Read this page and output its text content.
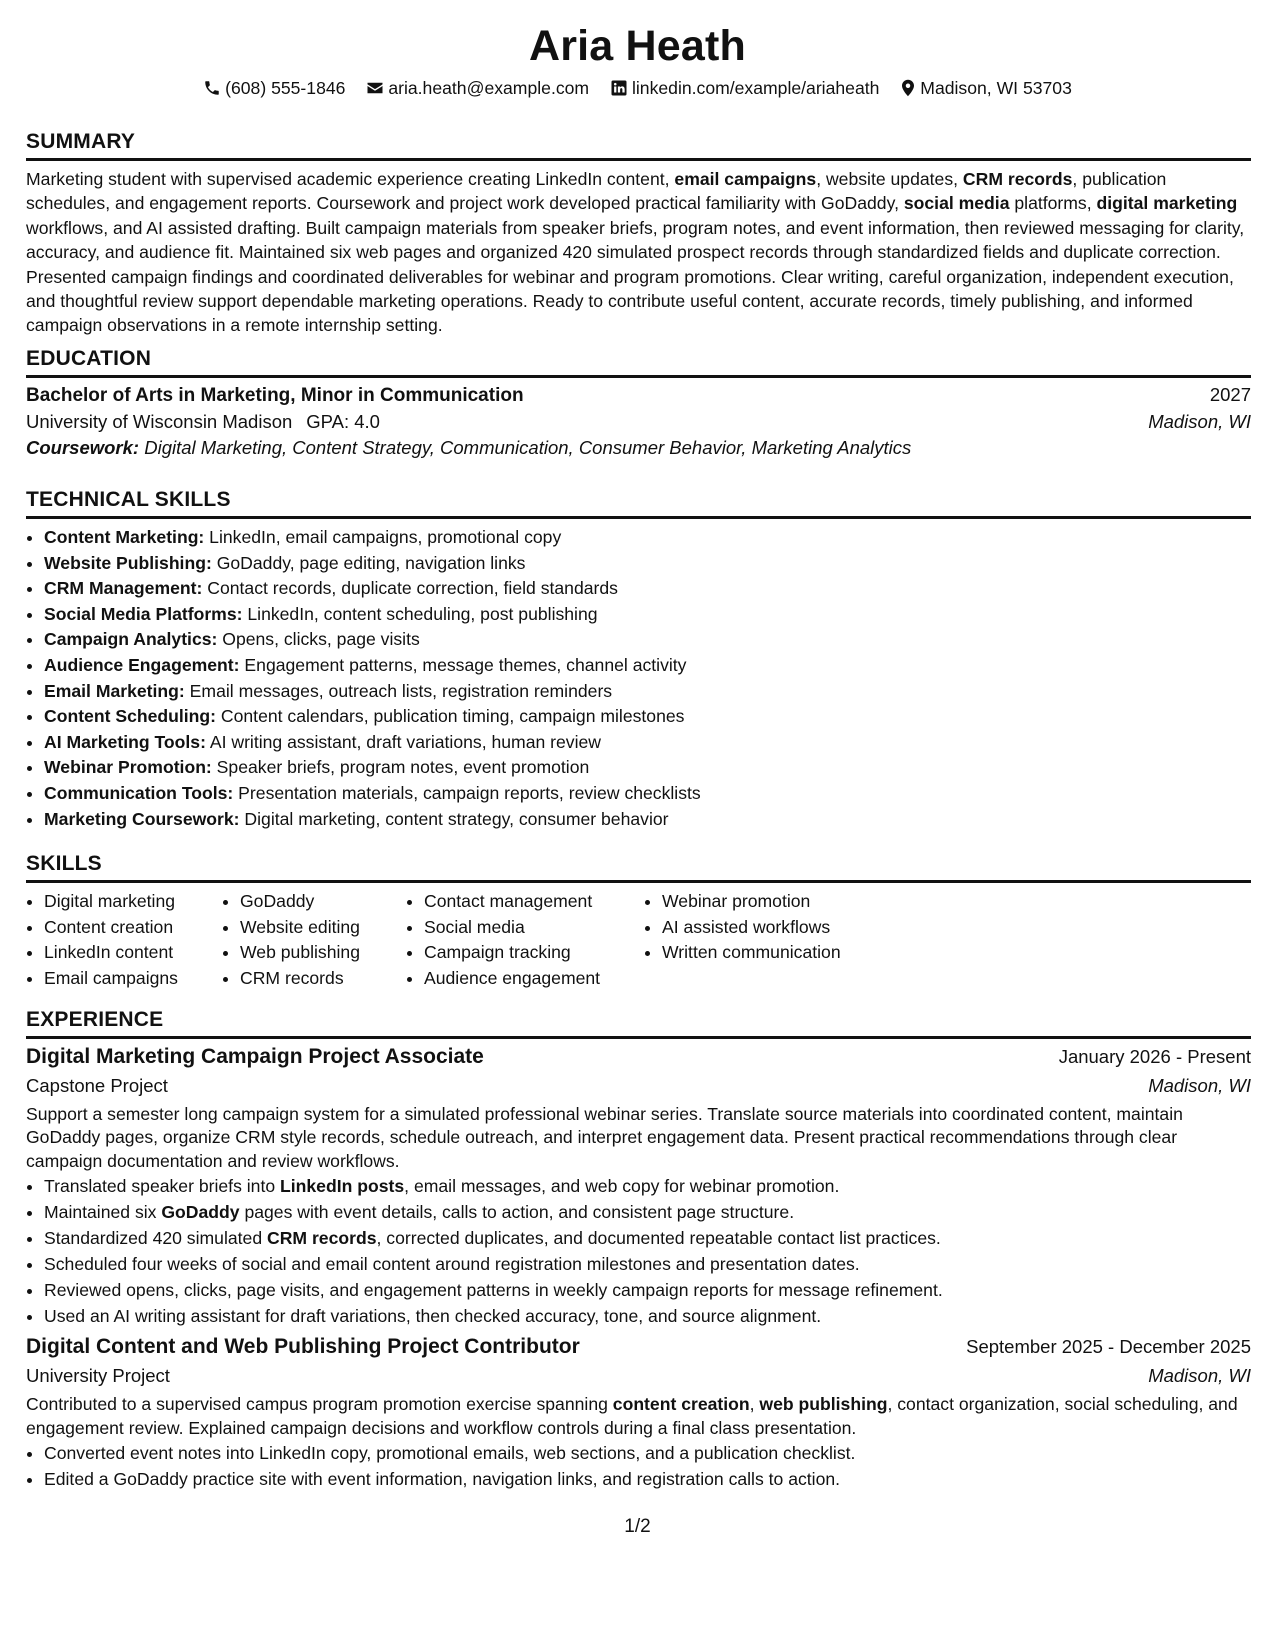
Aria Heath
(608) 555-1846 aria.heath@example.com linkedin.com/example/ariaheath Madison, WI 53703
SUMMARY

Marketing student with supervised academic experience creating LinkedIn content, email campaigns, website updates, CRM records, publication schedules, and engagement reports. Coursework and project work developed practical familiarity with GoDaddy, social media platforms, digital marketing workflows, and AI assisted drafting. Built campaign materials from speaker briefs, program notes, and event information, then reviewed messaging for clarity, accuracy, and audience fit. Maintained six web pages and organized 420 simulated prospect records through standardized fields and duplicate correction. Presented campaign findings and coordinated deliverables for webinar and program promotions. Clear writing, careful organization, independent execution, and thoughtful review support dependable marketing operations. Ready to contribute useful content, accurate records, timely publishing, and informed campaign observations in a remote internship setting.

EDUCATION
Bachelor of Arts in Marketing, Minor in Communication	2027
University of Wisconsin Madison GPA: 4.0	Madison, WI
Coursework: Digital Marketing, Content Strategy, Communication, Consumer Behavior, Marketing Analytics
TECHNICAL SKILLS
• Content Marketing: LinkedIn, email campaigns, promotional copy
• Website Publishing: GoDaddy, page editing, navigation links
• CRM Management: Contact records, duplicate correction, field standards
• Social Media Platforms: LinkedIn, content scheduling, post publishing
• Campaign Analytics: Opens, clicks, page visits
• Audience Engagement: Engagement patterns, message themes, channel activity
• Email Marketing: Email messages, outreach lists, registration reminders
• Content Scheduling: Content calendars, publication timing, campaign milestones
• AI Marketing Tools: AI writing assistant, draft variations, human review
• Webinar Promotion: Speaker briefs, program notes, event promotion
• Communication Tools: Presentation materials, campaign reports, review checklists
• Marketing Coursework: Digital marketing, content strategy, consumer behavior
SKILLS
• Digital marketing
• Content creation
• LinkedIn content
• Email campaigns
• GoDaddy
• Website editing
• Web publishing
• CRM records
• Contact management
• Social media
• Campaign tracking
• Audience engagement
• Webinar promotion
• AI assisted workflows
• Written communication
EXPERIENCE
Digital Marketing Campaign Project Associate	January 2026 - Present
Capstone Project	Madison, WI

Support a semester long campaign system for a simulated professional webinar series. Translate source materials into coordinated content, maintain GoDaddy pages, organize CRM style records, schedule outreach, and interpret engagement data. Present practical recommendations through clear campaign documentation and review workflows.

• Translated speaker briefs into LinkedIn posts, email messages, and web copy for webinar promotion.
• Maintained six GoDaddy pages with event details, calls to action, and consistent page structure.
• Standardized 420 simulated CRM records, corrected duplicates, and documented repeatable contact list practices.
• Scheduled four weeks of social and email content around registration milestones and presentation dates.
• Reviewed opens, clicks, page visits, and engagement patterns in weekly campaign reports for message refinement.
• Used an AI writing assistant for draft variations, then checked accuracy, tone, and source alignment.
Digital Content and Web Publishing Project Contributor	September 2025 - December 2025
University Project	Madison, WI

Contributed to a supervised campus program promotion exercise spanning content creation, web publishing, contact organization, social scheduling, and engagement review. Explained campaign decisions and workflow controls during a final class presentation.

• Converted event notes into LinkedIn copy, promotional emails, web sections, and a publication checklist.
• Edited a GoDaddy practice site with event information, navigation links, and registration calls to action.
1/2
